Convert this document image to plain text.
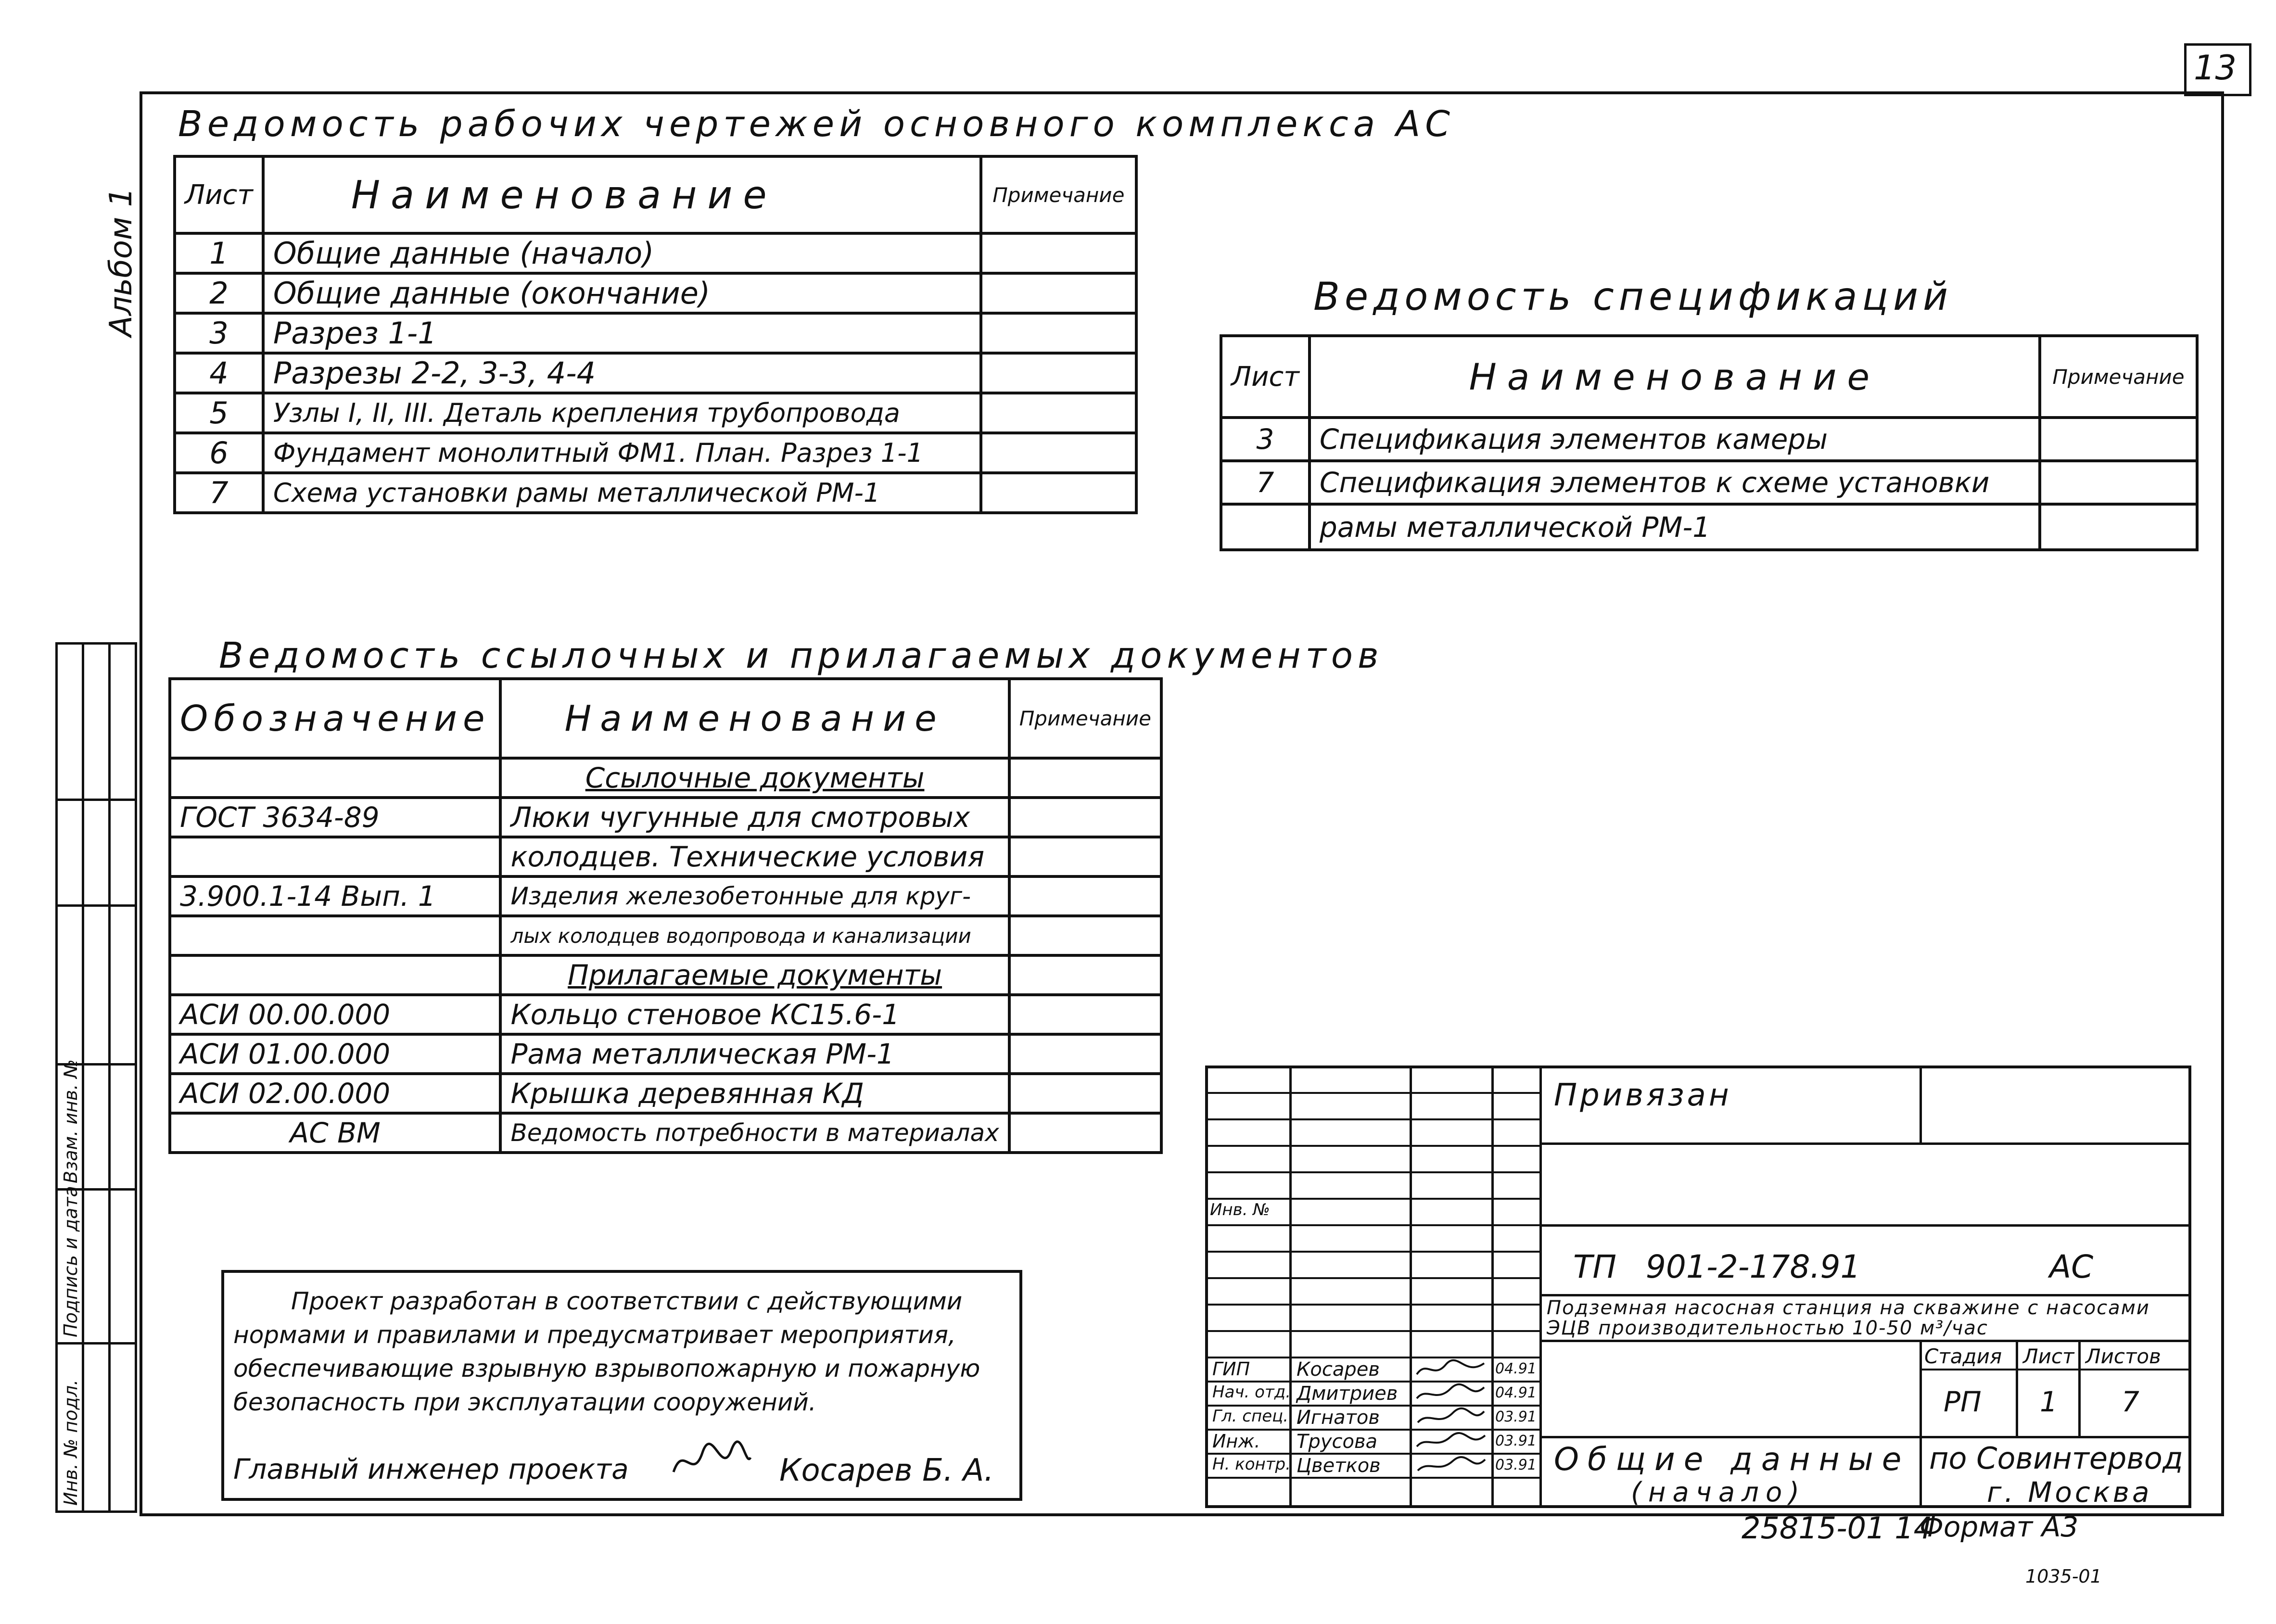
13
Альбом 1
Инв. № подл.
Подпись и дата
Взам. инв. №
Ведомость рабочих чертежей основного комплекса АС
Лист	Наименование	Примечание
1	Общие данные (начало)	
2	Общие данные (окончание)	
3	Разрез 1-1	
4	Разрезы 2-2, 3-3, 4-4	
5	Узлы I, II, III. Деталь крепления трубопровода	
6	Фундамент монолитный ФМ1. План. Разрез 1-1	
7	Схема установки рамы металлической РМ-1	
Ведомость спецификаций
Лист	Наименование	Примечание
3	Спецификация элементов камеры	
7	Спецификация элементов к схеме установки	
	рамы металлической РМ-1	
Ведомость ссылочных и прилагаемых документов
Обозначение	Наименование	Примечание
	Ссылочные документы	
ГОСТ 3634-89	Люки чугунные для смотровых	
	колодцев. Технические условия	
3.900.1-14 Вып. 1	Изделия железобетонные для круг-	
	лых колодцев водопровода и канализации	
	Прилагаемые документы	
АСИ 00.00.000	Кольцо стеновое КС15.6-1	
АСИ 01.00.000	Рама металлическая РМ-1	
АСИ 02.00.000	Крышка деревянная КД	
АС ВМ	Ведомость потребности в материалах	
Проект разработан в соответствии с действующими
нормами и правилами и предусматривает мероприятия,
обеспечивающие взрывную взрывопожарную и пожарную
безопасность при эксплуатации сооружений.
Главный инженер проекта	Косарев Б. А.
Инв. №
ГИП Косарев	04.91
Нач. отд. Дмитриев	04.91
Гл. спец. Игнатов	03.91
Инж. Трусова	03.91
Н. контр. Цветков	03.91
Привязан
ТП 901-2-178.91	АС
Подземная насосная станция на скважине с насосами ЭЦВ производительностью 10-50 м³/час
Стадия Лист Листов
РП 1 7
Общие данные
(начало)
по Совинтервод
г. Москва
25815-01 14
Формат А3
1035-01
